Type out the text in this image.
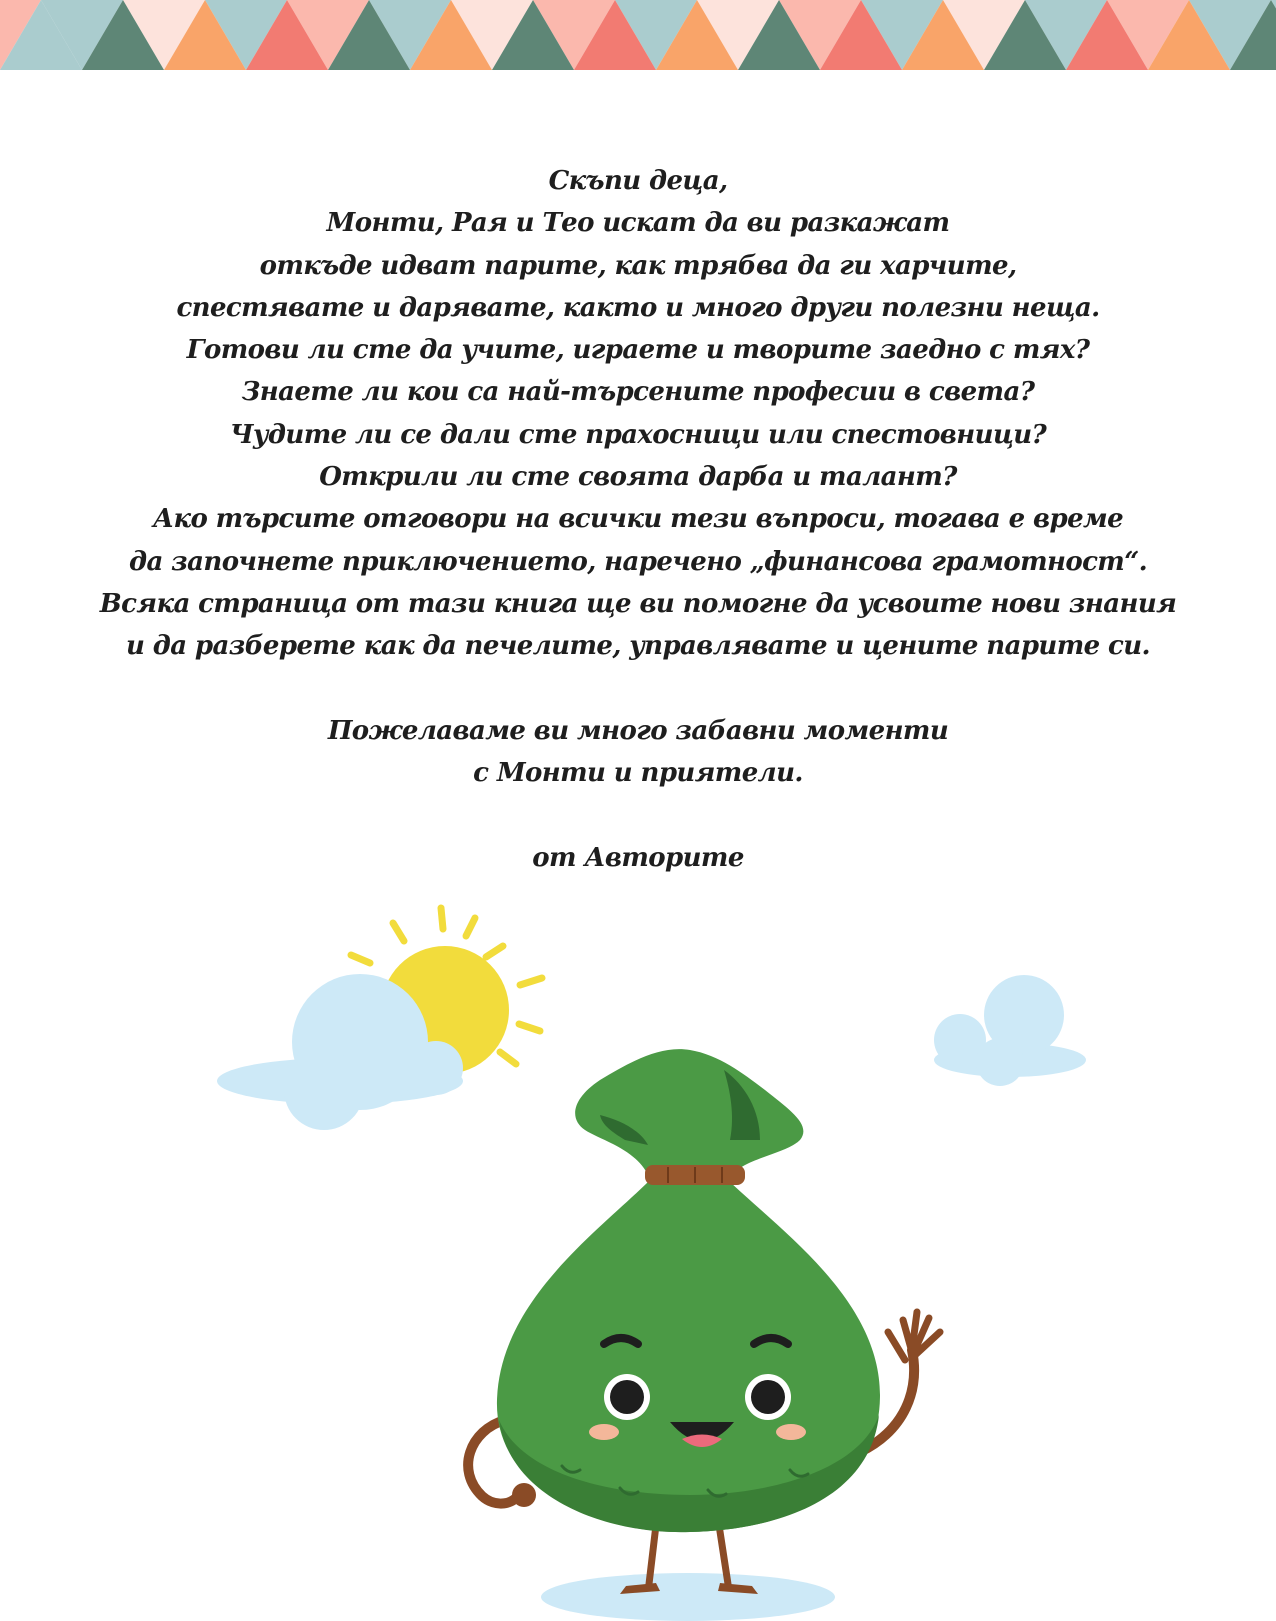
Скъпи деца,
Монти, Рая и Тео искат да ви разкажат
откъде идват парите, как трябва да ги харчите,
спестявате и дарявате, както и много други полезни неща.
Готови ли сте да учите, играете и творите заедно с тях?
Знаете ли кои са най-търсените професии в света?
Чудите ли се дали сте прахосници или спестовници?
Открили ли сте своята дарба и талант?
Ако търсите отговори на всички тези въпроси, тогава е време
да започнете приключението, наречено „финансова грамотност“.
Всяка страница от тази книга ще ви помогне да усвоите нови знания
и да разберете как да печелите, управлявате и цените парите си.
Пожелаваме ви много забавни моменти
с Монти и приятели.
от Авторите
